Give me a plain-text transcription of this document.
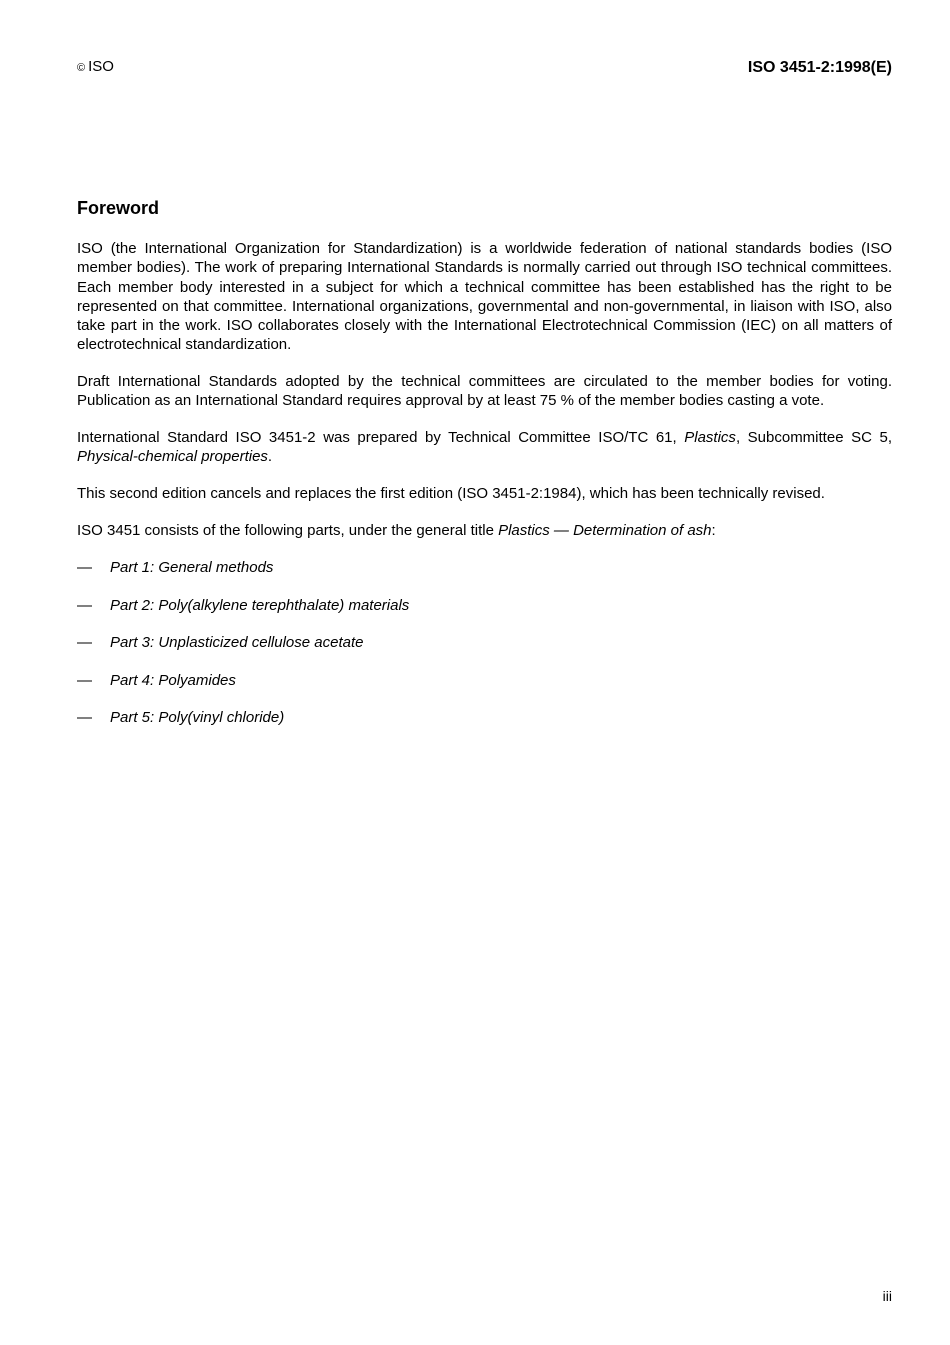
© ISO	ISO 3451-2:1998(E)
Foreword

ISO (the International Organization for Standardization) is a worldwide federation of national standards bodies (ISO member bodies). The work of preparing International Standards is normally carried out through ISO technical committees. Each member body interested in a subject for which a technical committee has been established has the right to be represented on that committee. International organizations, governmental and non-governmental, in liaison with ISO, also take part in the work. ISO collaborates closely with the International Electrotechnical Commission (IEC) on all matters of electrotechnical standardization.

Draft International Standards adopted by the technical committees are circulated to the member bodies for voting. Publication as an International Standard requires approval by at least 75 % of the member bodies casting a vote.

International Standard ISO 3451-2 was prepared by Technical Committee ISO/TC 61, Plastics, Subcommittee SC 5, Physical-chemical properties.

This second edition cancels and replaces the first edition (ISO 3451-2:1984), which has been technically revised.

ISO 3451 consists of the following parts, under the general title Plastics — Determination of ash:

—	Part 1: General methods
—	Part 2: Poly(alkylene terephthalate) materials
—	Part 3: Unplasticized cellulose acetate
—	Part 4: Polyamides
—	Part 5: Poly(vinyl chloride)
iii
